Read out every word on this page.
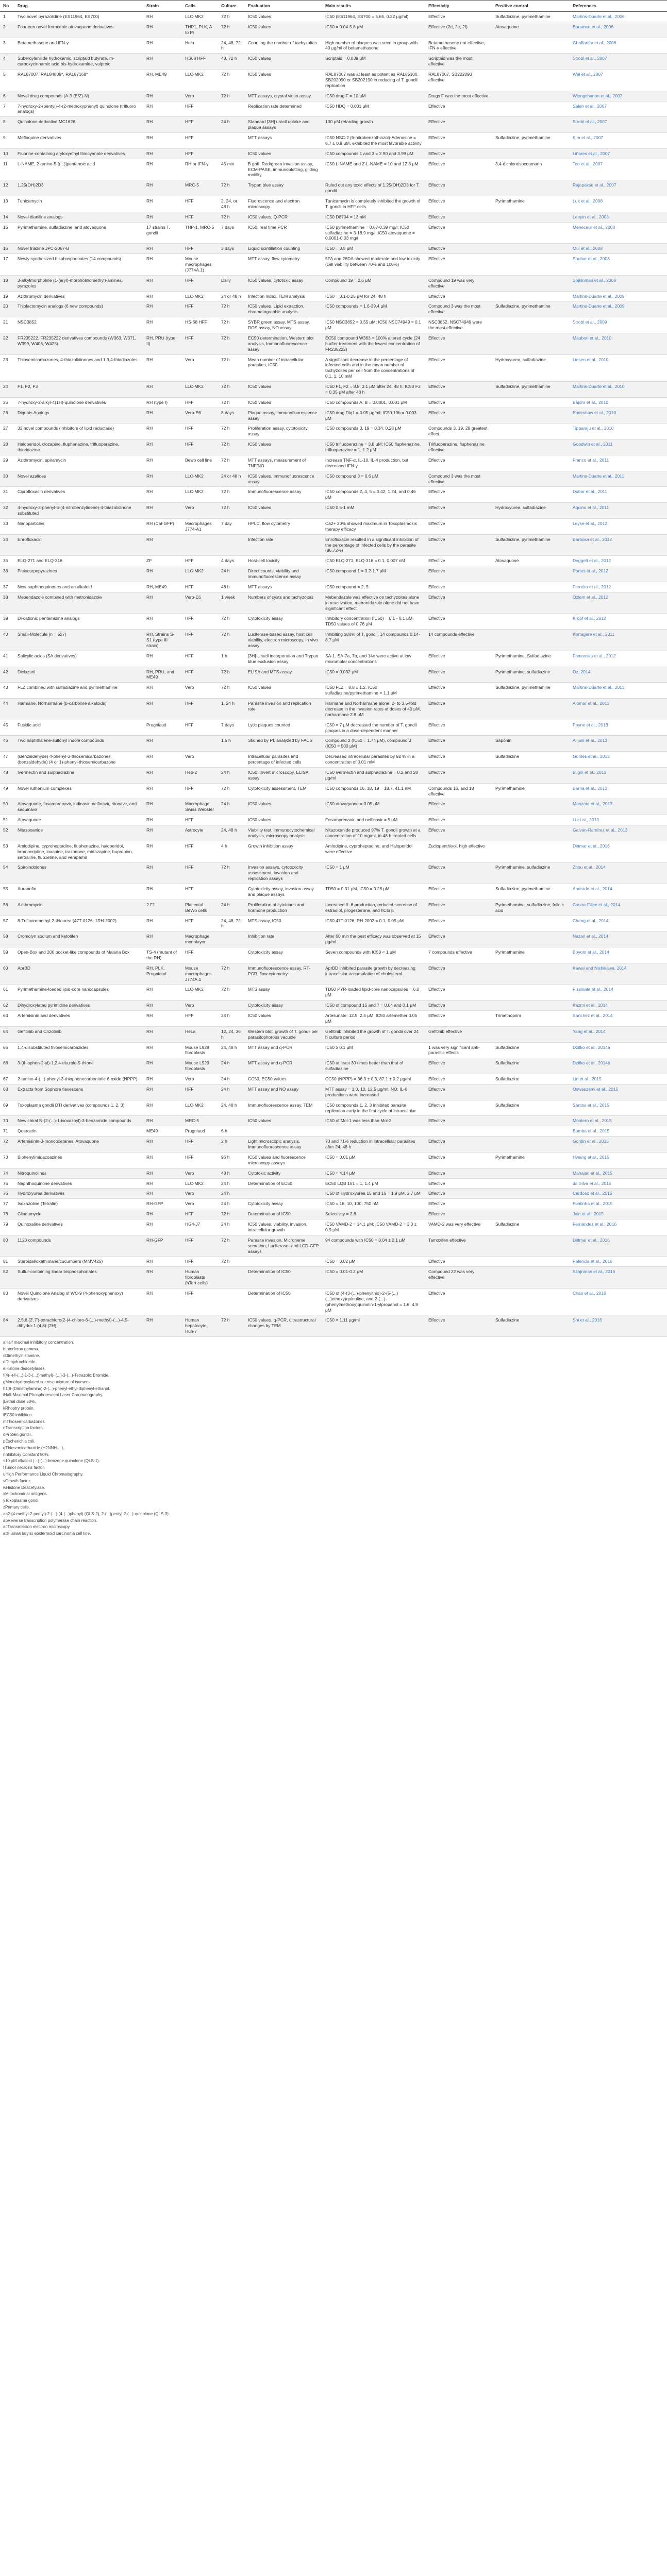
No	Drug	Strain	Cells	Culture	Evaluation	Main results	Effectivity	Positive control	References
1	Two novel pyrazolidine (ES11964, ES700)	RH	LLC-MK2	72 h	IC50 values	IC50 (ES11964, ES700 = 5.65, 0.22 μg/ml)	Effective	Sulfadiazine, pyrimethamine	Martins-Duarte et al., 2006
2	Fourteen novel ferrocenic atovaquone derivatives	RH	THP1, PLK, A to Pi	72 h	IC50 values	IC50 = 0.04-5.8 μM	Effective (2d, 2e, 2f)	Atovaquone	Baramee et al., 2006
3	Betamethasone and IFN-γ	RH	Hela	24, 48, 72 h	Counting the number of tachyzoites	High number of plaques was seen in group with 40 μg/ml of betamethasone	Betamethasone not effective, IFN-γ effective		Ghaffarifar et al., 2006
4	Suberoylanilide hydroxamic, scriptaid butyrate, m-carboxycinnamic acid bis-hydroxamide, valproic	RH	HS68 HFF	48, 72 h	IC50 values	Scriptaid = 0.039 μM	Scriptaid was the most effective		Strobl et al., 2007
5	RAL87007, RAL84809*, RAL87168*	RH, ME49	LLC-MK2	72 h	IC50 values	RAL87007 was at least as potent as RAL85100, SB202090 or SB202190 in reducing of T. gondii replication	RAL87007, SB202090 effective		Wei et al., 2007
6	Novel drug compounds (A-9 (E/Z)-N)	RH	Vero	72 h	MTT assays, crystal violet assay	IC50 drug F = 10 μM	Drugs F was the most effective		Wiengchanon et al., 2007
7	7-hydroxy-2-(pentyl)-4-(2-methoxyphenyl) quinolone (trifluoro analogs)	RH	HFF		Replication rate determined	IC50 HDQ = 0.001 μM	Effective		Saleh et al., 2007
8	Quinolone derivative MC1626	RH	HFF	24 h	Standard [3H] uracil uptake and plaque assays	100 μM retarding growth	Effective		Strobl et al., 2007
9	Mefloquine derivatives	RH	HFF		MTT assays	IC50 NSC-2 (6-nitrobenzothiazol)-Adenosine = 8.7 ± 0.9 μM, exhibited the most favorable activity	Effective	Sulfadiazine, pyrimethamine	Kim et al., 2007
10	Fluorine-containing aryloxyethyl thiocyanate derivatives	RH	HFF		IC50 values	IC50 compounds 1 and 3 = 2.90 and 3.99 μM	Effective		Liñares et al., 2007
11	L-NAME, 2-amino-5-[(...)]pentanoic acid	RH	RH or IFN-γ	45 min	B gaff, Red/green invasion assay, ECM-PASE, immunoblotting, gliding motility	IC50 L-NAME and Z-L-NAME = 10 and 12.8 μM	Effective	3,4-dichloroisocoumarin	Teo et al., 2007
12	1,25(OH)2D3	RH	MRC-5	72 h	Trypan blue assay	Ruled out any toxic effects of 1,25(OH)2D3 for T. gondii	Effective		Rajapakse et al., 2007
13	Tunicamycin	RH	HFF	2, 24, or 48 h	Fluorescence and electron microscopy	Tunicamycin is completely inhibited the growth of T. gondii in HFF cells	Effective	Pyrimethamine	Luk et al., 2008
14	Novel dianiline analogs	RH	HFF	72 h	IC50 values, Q-PCR	IC50 D8704 = 13 nM	Effective		Leepin et al., 2008
15	Pyrimethamine, sulfadiazine, and atovaquone	17 strains T. gondii	THP-1, MRC-5	7 days	IC50, real time PCR	IC50 pyrimethamine = 0.07-0.39 mg/l; IC50 sulfadiazine = 3-18.9 mg/l; IC50 atovaquone = 0.0001-0.03 mg/l	Effective		Meneceur et al., 2008
16	Novel triazine JPC-2067-B	RH	HFF	3 days	Liquid scintillation counting	IC50 = 0.5 μM	Effective		Mui et al., 2008
17	Newly synthesized bisphosphonates (14 compounds)	RH	Mouse macrophages (J774A.1)		MTT assay, flow cytometry	5FA and 28DA showed moderate and low toxicity (cell viability between 70% and 100%)	Effective		Shubar et al., 2008
18	3-alkylmorpholine (1-(aryl)-morpholinomethyl)-amines, pyrazoles	RH	HFF	Daily	IC50 values, cytotoxic assay	Compound 19 = 2.6 μM	Compound 19 was very effective		Sojkinman et al., 2008
19	Azithromycin derivatives	RH	LLC-MK2	24 or 48 h	Infection index, TEM analysis	IC50 = 0.1-0.25 μM for 24, 48 h	Effective		Martins-Duarte et al., 2009
20	Thiolactomycin analogs (6 new compounds)	RH	HFF	72 h	IC50 values, Lipid extraction, chromatographic analysis	IC50 compounds = 1.6-39.4 μM	Compound 3 was the most effective	Sulfadiazine, pyrimethamine	Martins-Duarte et al., 2009
21	NSC3852	RH	HS-68 HFF	72 h	SYBR green assay, MTS assay, ROS assay, NO assay	IC50 NSC3852 = 0.55 μM; IC50 NSC74949 = 0.1 μM	NSC3852, NSC74949 were the most effective		Strobl et al., 2009
22	FR235222, FR235222 derivatives compounds (W363, W371, W399, W406, W425)	RH, PRU (type II)	HFF	72 h	EC50 determination, Western blot analysis, Immunofluorescence assay	EC50 compound W363 = 100% altered cycle (24 h after treatment with the lowest concentration of FR235222)	Effective		Maubon et al., 2010
23	Thiosemicarbazones, 4-thiazolidinones and 1,3,4-thiadiazoles	RH	Vero	72 h	Mean number of intracellular parasites, IC50	A significant decrease in the percentage of infected cells and in the mean number of tachyzoites per cell from the concentrations of 0.1, 1, 10 mM	Effective	Hydroxyurea, sulfadiazine	Liesen et al., 2010
24	F1, F2, F3	RH	LLC-MK2	72 h	IC50 values	IC50 F1, F2 = 8.8, 3.1 μM after 24, 48 h; IC50 F3 = 0.35 μM after 48 h	Effective	Sulfadiazine, pyrimethamine	Martins-Duarte et al., 2010
25	7-hydroxy-2-alkyl-4(1H)-quinolone derivatives	RH (type I)	HFF	72 h	IC50 values	IC50 compounds A, B = 0.0001, 0.001 μM	Effective		Bajohr et al., 2010
26	Diquats Analogs	RH	Vero-E6	8 days	Plaque assay, Immunofluorescence assay	IC50 drug Diq1 = 0.05 μg/ml; IC50 10b = 0.003 μM	Effective		Endeshaw et al., 2010
27	32 novel compounds (inhibitors of lipid reductase)	RH	HFF	72 h	Proliferation assay, cytotoxicity assay	IC50 compounds 3, 19 = 0.34, 0.28 μM	Compounds 3, 19, 28 greatest effect		Tipparaju et al., 2010
28	Haloperidol, clozapine, fluphenazine, trifluoperazine, thioridazine	RH	HFF	72 h	IC50 values	IC50 trifluoperazine = 3.8 μM; IC50 fluphenazine, trifluoperazine = 1, 1.2 μM	Trifluoperazine, fluphenazine effective		Goodwin et al., 2011
29	Azithromycin, spiramycin	RH	Bewo cell line	72 h	MTT assays, measurement of TNF/NO	Increase TNF-α, IL-10, IL-4 production, but decreased IFN-γ	Effective		Franco et al., 2011
30	Novel azalides	RH	LLC-MK2	24 or 48 h	IC50 values, Immunofluorescence assay	IC50 compound 3 = 0.6 μM	Compound 3 was the most effective		Martins-Duarte et al., 2011
31	Ciprofloxacin derivatives	RH	LLC-MK2	72 h	Immunofluorescence assay	IC50 compounds 2, 4, 5 = 0.42, 1.24, and 0.46 μM	Effective		Dubar et al., 2011
32	4-hydroxy-3-phenyl-5-(4-nitrobenzylidene)-4-thiazolidinone substituted	RH	Vero	72 h	IC50 values	IC50 0.5-1 mM	Effective	Hydroxyurea, sulfadiazine	Aquino et al., 2011
33	Nanoparticles	RH (Cat-GFP)	Macrophages J774-A1	7 day	HPLC, flow cytometry	Ca2+ 20% showed maximum in Toxoplasmosis therapy efficacy	Effective		Leyke et al., 2012
34	Enrofloxacin	RH			Infection rate	Enrofloxacin resulted in a significant inhibition of the percentage of infected cells by the parasite (86.72%)	Effective	Sulfadiazine, pyrimethamine	Barbosa et al., 2012
35	ELQ-271 and ELQ-316	ZF	HFF	4 days	Host-cell toxicity	IC50 ELQ-271, ELQ-316 = 0.1, 0.007 nM	Effective	Atovaquone	Doggett et al., 2012
36	Pleiocarpopyrazines	RH	LLC-MK2	24 h	Direct counts, viability and immunofluorescence assay	IC50 compound 1 = 3.2-1.7 μM	Effective		Portes et al., 2012
37	New naphthoquinones and an alkaloid	RH, ME49	HFF	48 h	MTT assays	IC50 compound = 2, 5	Effective		Ferreira et al., 2012
38	Mebendazole combined with metronidazole	RH	Vero-E6	1 week	Numbers of cysts and tachyzoites	Mebendazole was effective on tachyzoites alone in reactivation, metronidazole alone did not have significant effect	Effective		Ozlem et al., 2012
39	Di-cationic pentamidine analogs	RH	HFF	72 h	Cytotoxicity assay	Inhibitory concentration (IC50) = 0.1 - 0.1 μM, TD50 values of 0.76 μM	Effective		Kropf et al., 2012
40	Small-Molecule (n = 527)	RH, Strains S-S1 (type III strain)	HFF	72 h	Luciferase-based assay, host cell viability, electron microscopy, in vivo assay	Inhibiting ≥80% of T. gondii, 14 compounds 0.14-8.7 μM	14 compounds effective		Kortagere et al., 2011
41	Salicylic acids (SA derivatives)	RH	HFF	1 h	[3H]-Uracil incorporation and Trypan blue exclusion assay	SA-1, SA-7a, 7b, and 14e were active at low micromolar concentrations	Effective	Pyrimethamine, Sulfadiazine	Fomovska et al., 2012
42	Diclazuril	RH, PRU, and ME49	HFF	72 h	ELISA and MTS assay	IC50 = 0.032 μM	Effective	Pyrimethamine, sulfadiazine	Oz, 2014
43	FLZ combined with sulfadiazine and pyrimethamine	RH	Vero	72 h	IC50 values	IC50 FLZ = 8.8 ± 1.2, IC50 sulfadiazine/pyrimethamine = 1.1 μM	Effective	Sulfadiazine, pyrimethamine	Martins-Duarte et al., 2013
44	Harmane, Norharmane (β-carboline alkaloids)	RH	HFF	1, 24 h	Parasite invasion and replication rate	Harmane and Norharmane alone: 2- to 3.5-fold decrease in the invasion rates at doses of 40 μM, norharmane 2.8 μM	Effective		Alomar et al., 2013
45	Fusidic acid	Prugniaud	HFF	7 days	Lytic plaques counted	IC50 = 7 μM decreased the number of T. gondii plaques in a dose-dependent manner	Effective		Payne et al., 2013
46	Two naphthalene-sulfonyl indole compounds	RH		1.5 h	Stained by PI, analyzed by FACS	Compound 2 (IC50 = 1.74 μM), compound 3 (IC50 = 500 μM)	Effective	Saponin	Alijani et al., 2013
47	(Benzaldehyde) 4-phenyl-3-thiosemicarbazones, (benzaldehyde) (4 or 1)-phenyl-thiosemicarbazone	RH	Vero		Intracellular parasites and percentage of infected cells	Decreased intracellular parasites by 92 % in a concentration of 0.01 mM	Effective	Sulfadiazine	Gomes et al., 2013
48	Ivermectin and sulphadiazine	RH	Hep-2	24 h	IC50, Invert microscopy, ELISA assay	IC50 ivermectin and sulphadiazine = 0.2 and 28 μg/ml	Effective		Bilgin et al., 2013
49	Novel ruthenium complexes	RH	HFF	72 h	Cytotoxicity assessment, TEM	IC50 compounds 16, 18, 19 = 18.7, 41.1 nM	Compounds 16, and 18 effective	Pyrimethamine	Barna et al., 2013
50	Atovaquone, fosamprenavir, indinavir, nelfinavir, ritonavir, and saquinavir	RH	Macrophage Swiss Webster	24 h	IC50 values	IC50 atovaquone = 0.05 μM	Effective		Monzote et al., 2013
51	Atovaquone	RH	HFF		IC50 values	Fosamprenavir, and nelfinavir = 5 μM	Effective		Li et al., 2013
52	Nitazoxanide	RH	Astrocyte	24, 48 h	Viability test, immunocytochemical analysis, microscopy analysis	Nitazoxanide produced 97% T. gondii growth at a concentration of 10 mg/ml, in 48 h treated cells	Effective		Galván-Ramírez et al., 2013
53	Amlodipine, cyproheptadine, fluphenazine, haloperidol, bromocriptine, loxapine, trazodone, mirtazapine, bupropion, sertraline, fluoxetine, and verapamil	RH	HFF	4 h	Growth inhibition assay	Amlodipine, cyproheptadine, and Haloperidol were effective	Zuclopenthixol, high effective		Dittmar et al., 2016
54	Spiroindolones	RH	HFF	72 h	Invasion assays, cytotoxicity assessment, invasion and replication assays	IC50 = 1 μM	Effective	Pyrimethamine, sulfadiazine	Zhou et al., 2014
55	Auranofin	RH	HFF		Cytotoxicity assay, invasion assay and plaque assays	TD50 = 0.31 μM, IC50 = 0.28 μM	Effective	Sulfadiazine, pyrimethamine	Andrade et al., 2014
56	Azithromycin	2 F1	Placental BeWo cells	24 h	Proliferation of cytokines and hormone production	Increased IL-6 production, reduced secretion of estradiol, progesterone, and hCG β	Effective	Pyrimethamine, sulfadiazine, folinic acid	Castro-Filice et al., 2014
57	8-Trifluoromethyl-2-thiourea (47T-0126, 1RH-2002)	RH	HFF	24, 48, 72 h	MTS assay, IC50	IC50 47T-0126, RH-2002 = 0.1, 0.05 μM	Effective		Cheng et al., 2014
58	Cromolyn sodium and ketotifen	RH	Macrophage monolayer		Inhibition rate	After 60 min the best efficacy was observed at 15 μg/ml	Effective		Nazari et al., 2014
59	Open-Box and 200 pocket-like compounds of Malaria Box	TS-4 (mutant of the RH)	HFF		Cytotoxicity assay	Seven compounds with IC50 < 1 μM	7 compounds effective	Pyrimethamine	Boyom et al., 2014
60	AprBD	RH, PLK, Prugniaud	Mouse macrophages J774A.1	72 h	Immunofluorescence assay, RT-PCR, flow cytometry	AprBD inhibited parasite growth by decreasing intracellular accumulation of cholesterol	Effective		Kawai and Nishikawa, 2014
61	Pyrimethamine-loaded lipid-core nanocapsules	RH	LLC-MK2	72 h	MTS assay	TD50 PYR-loaded lipid-core nanocapsules = 6.0 μM	Effective		Pissinate et al., 2014
62	Dihydroxylated pyrimidine derivatives	RH	Vero		Cytotoxicity assay	IC50 of compound 15 and 7 = 0.04 and 0.1 μM	Effective		Kazmi et al., 2014
63	Artemisinin and derivatives	RH	HFF	24 h	IC50 values	Artesunate: 12.5, 2.5 μM; IC50 artemether 0.05 μM	Effective	Trimethoprim	Sanchez et al., 2014
64	Gefitinib and Crizotinib	RH	HeLa	12, 24, 36 h	Western blot, growth of T. gondii per parasitophorous vacuole	Gefitinib inhibited the growth of T. gondii over 24 h culture period	Gefitinib effective		Yang et al., 2014
65	1,4-disubstituted thiosemicarbazides	RH	Mouse L929 fibroblasts	24, 48 h	MTT assay and q-PCR	IC50 ≥ 0.1 μM	1 was very significant anti-parasitic effects	Sulfadiazine	Dzitko et al., 2014a
66	3-(thiophen-2-yl)-1,2,4-triazole-5-thione	RH	Mouse L929 fibroblasts	24 h	MTT assay and q-PCR	IC50 at least 30 times better than that of sulfadiazine	Effective	Sulfadiazine	Dzitko et al., 2014b
67	2-amino-4-(...)-phenyl-3-thiophenecarbonitrile 6-oxide (NPPP)	RH	Vero	24 h	CC50, EC50 values	CC50 (NPPP) = 36.3 ± 0.3, 87.1 ± 0.2 μg/ml	Effective	Sulfadiazine	Lin et al., 2015
68	Extracts from Sophora flavescens	RH	HFF	24 h	MTT assay and NO assay	MTT assay = 1.0, 10, 12.5 μg/ml; NO; IL-6 productions were increased	Effective		Oswaszami et al., 2015
69	Toxoplasma gondii DTI derivatives (compounds 1, 2, 3)	RH	LLC-MK2	24, 48 h	Immunofluorescence assay, TEM	IC50 compounds 1, 2, 3 inhibited parasite replication early in the first cycle of intracellular	Effective	Sulfadiazine	Santos et al., 2015
70	New chiral N-(2-(...)-1-isoxazoyl)-3-benzamide compounds	RH	MRC-5		IC50 values	IC50 of Mol-1 was less than Mol-2	Effective		Montero et al., 2015
71	Quercetin	ME49	Prugniaud	6 h					Bamba et al., 2015
72	Artemisinin-3-monooxetanes, Atovaquone	RH	HFF	2 h	Light microscopic analysis, Immunofluorescence assay	73 and 71% reduction in intracellular parasites after 24, 48 h	Effective		Gordin et al., 2015
73	Biphenylimidazoazines	RH	HFF	96 h	IC50 values and fluorescence microscopy assays	IC50 = 0.01 μM	Effective	Pyrimethamine	Hwang et al., 2015
74	Nitroquinolines	RH	Vero	48 h	Cytotoxic activity	IC50 = 4.14 μM	Effective		Mahajan et al., 2015
75	Naphthoquinone derivatives	RH	LLC-MK2	24 h	Determination of EC50	EC50 LQB 151 = 1, 1.4 μM	Effective		da Silva et al., 2015
76	Hydroxyurea derivatives	RH	Vero	24 h		IC50 of Hydroxyurea 15 and 16 = 1.9 μM, 2.7 μM	Effective		Cardoso et al., 2015
77	Isoxazoline (Tetralin)	RH-GFP	Vero	24 h	Cytotoxicity assay	IC50 = 16, 10, 100, 750 nM	Effective		Fontinha et al., 2015
78	Clindamycin	RH	HFF	72 h	Determination of IC50	Selectivity = 2.8	Effective		Jain et al., 2015
79	Quinoxaline derivatives	RH	HG4-J7	24 h	IC50 values, viability, invasion, intracellular growth	IC50 VAMD-2 = 14.1 μM; IC50 VAMD-2 = 3.3 ± 0.9 μM	VAMD-2 was very effective	Sulfadiazine	Fernández et al., 2016
80	1120 compounds	RH-GFP	HFF	72 h	Parasite invasion, Microneme secretion, Luciferase- and LCD-GFP assays	94 compounds with IC50 = 0.04 ± 0.1 μM	Tamoxifen effective		Dittmar et al., 2016
81	Steroidal/oxathiolane/cucumbers (MMV425)	RH	HFF	72 h		IC50 = 0.02 μM	Effective		Palencia et al., 2016
82	Sulfur-containing linear bisphosphonates	RH	Human fibroblasts (hTert cells)		Determination of IC50	IC50 = 0.01-0.2 μM	Compound 22 was very effective		Szajnman et al., 2016
83	Novel Quinolone Analog of WC-9 (4-phenoxyphenoxy) derivatives	RH	HFF		Determination of IC50	IC50 of (4-(3-(...)-phenylthio)-2-(5-(...)(...)ethoxy)quinoline, and 2-(...)-(phenylmethoxy)quinolin-1-ylpropanol = 1.6, 4.9 μM	Effective		Chao et al., 2016
84	2,5,6,(2',7')-tetrachloro(2-(4-chloro-6-(...)-methyl)-(...)-4,5-dihydro-1-(4,8)-(2H)	RH	Human hepatocyte, Huh-7	72 h	IC50 values, q-PCR, ultrastructural changes by TEM	IC50 = 1.11 μg/ml	Effective	Sulfadiazine	Shi et al., 2016

aHalf maximal inhibitory concentration.

bInterferon gamma.

cDimethylhistamine.

dDi-hydrochloride.

eHistone deacetylases.

f(4(--(4-(...)-1-3-(...))methyl)- (...)-3-(...)-Tetrazolic Bromide.

gMonohydroxylated sucrose mixture of isomers.

h1,8-(Dimethylamino)-2-(...)-phenyl-ethyl-diphenyl-ethanol.

iHalf-Maximal Phosphorescent Laser Chromatography.

jLethal dose 50%.

kRhoptry protein.

lEC50 inhibition.

mThiosemicarbazones.

nTranscription factors.

oProtein gondii.

pEscherichia coli.

qThiosemicarbazide (H2NNH-...).

rInhibitory Constant 50%.

s10 μM alkaloid (...)-(...)-benzene quinolone (QLS-1).

tTumor necrosis factor.

uHigh Performance Liquid Chromatography.

vGrowth factor.

wHistone Deacetylase.

xMitochondrial antigens.

yToxoplasma gondii.

zPrimary cells.

aa2-(4-methyl-2-pentyl)-2-(...)-(4-(...)phenyl) (QLS-2), 2-(...)pentyl-2-(...)-quinolone (QLS-3).

abReverse transcription polymerase chain reaction.

acTransmission electron microscopy.

adHuman larynx epidermoid carcinoma cell line.
